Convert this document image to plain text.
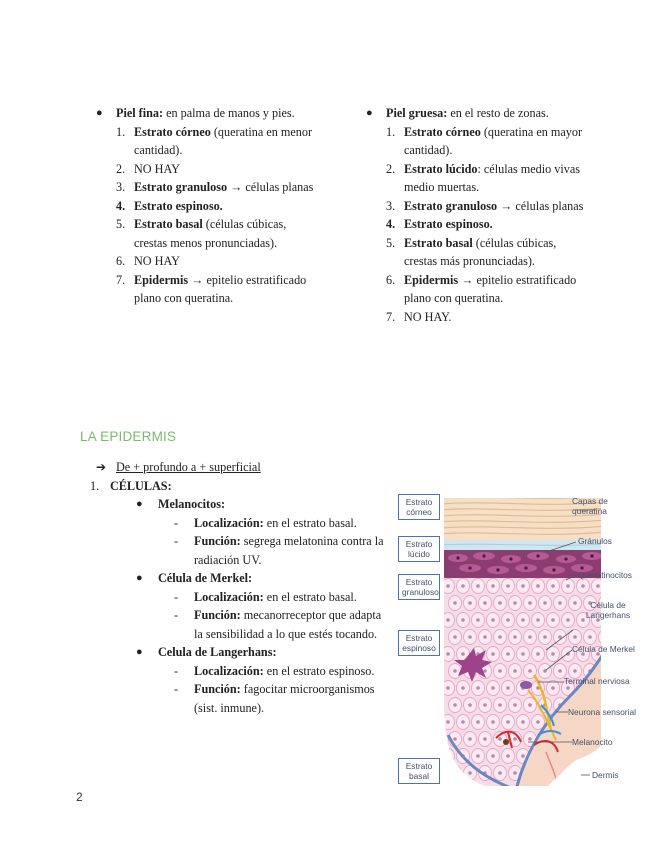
● Piel fina: en palma de manos y pies.
1. Estrato córneo (queratina en menor cantidad).
2. NO HAY
3. Estrato granuloso → células planas
4. Estrato espinoso.
5. Estrato basal (células cúbicas, crestas menos pronunciadas).
6. NO HAY
7. Epidermis → epitelio estratificado plano con queratina.
● Piel gruesa: en el resto de zonas.
1. Estrato córneo (queratina en mayor cantidad).
2. Estrato lúcido: células medio vivas medio muertas.
3. Estrato granuloso → células planas
4. Estrato espinoso.
5. Estrato basal (células cúbicas, crestas más pronunciadas).
6. Epidermis → epitelio estratificado plano con queratina.
7. NO HAY.
LA EPIDERMIS
➔ De + profundo a + superficial
1. CÉLULAS:
● Melanocitos:
- Localización: en el estrato basal.
- Función: segrega melatonina contra la radiación UV.
● Célula de Merkel:
- Localización: en el estrato basal.
- Función: mecanorreceptor que adapta la sensibilidad a lo que estés tocando.
● Celula de Langerhans:
- Localización: en el estrato espinoso.
- Función: fagocitar microorganismos (sist. inmune).
Estrato córneo
Estrato lúcido
Estrato granuloso
Estrato espinoso
Estrato basal
Capas de queratina
Gránulos
Queratinocitos
Célula de Langerhans
Célula de Merkel
Terminal nerviosa
Neurona sensorial
Melanocito
Dermis
2
